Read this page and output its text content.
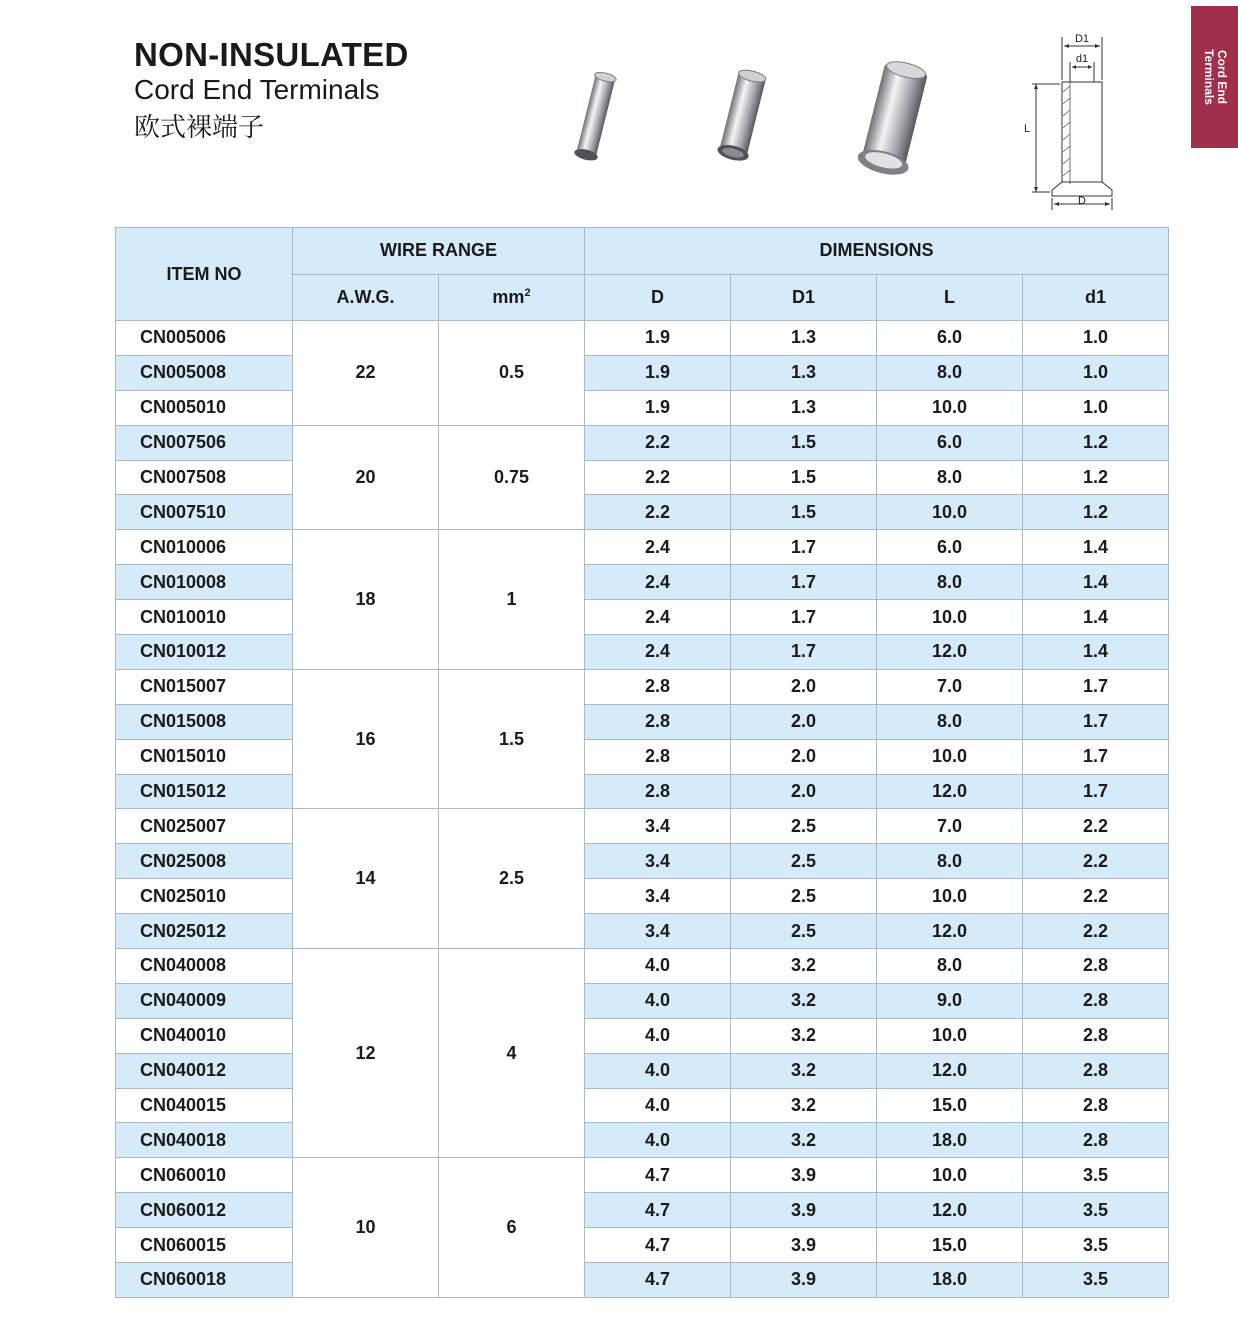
NON-INSULATED
Cord End Terminals
欧式裸端子
D1
d1
L
D
Cord End
Terminals
ITEM NO	WIRE RANGE		DIMENSIONS			
	A.W.G.	$mm^2$	D	D1	L	d1
CN005006	22	0.5	1.9	1.3	6.0	1.0
CN005008			1.9	1.3	8.0	1.0
CN005010			1.9	1.3	10.0	1.0
CN007506	20	0.75	2.2	1.5	6.0	1.2
CN007508			2.2	1.5	8.0	1.2
CN007510			2.2	1.5	10.0	1.2
CN010006	18	1	2.4	1.7	6.0	1.4
CN010008			2.4	1.7	8.0	1.4
CN010010			2.4	1.7	10.0	1.4
CN010012			2.4	1.7	12.0	1.4
CN015007	16	1.5	2.8	2.0	7.0	1.7
CN015008			2.8	2.0	8.0	1.7
CN015010			2.8	2.0	10.0	1.7
CN015012			2.8	2.0	12.0	1.7
CN025007	14	2.5	3.4	2.5	7.0	2.2
CN025008			3.4	2.5	8.0	2.2
CN025010			3.4	2.5	10.0	2.2
CN025012			3.4	2.5	12.0	2.2
CN040008	12	4	4.0	3.2	8.0	2.8
CN040009			4.0	3.2	9.0	2.8
CN040010			4.0	3.2	10.0	2.8
CN040012			4.0	3.2	12.0	2.8
CN040015			4.0	3.2	15.0	2.8
CN040018			4.0	3.2	18.0	2.8
CN060010	10	6	4.7	3.9	10.0	3.5
CN060012			4.7	3.9	12.0	3.5
CN060015			4.7	3.9	15.0	3.5
CN060018			4.7	3.9	18.0	3.5
